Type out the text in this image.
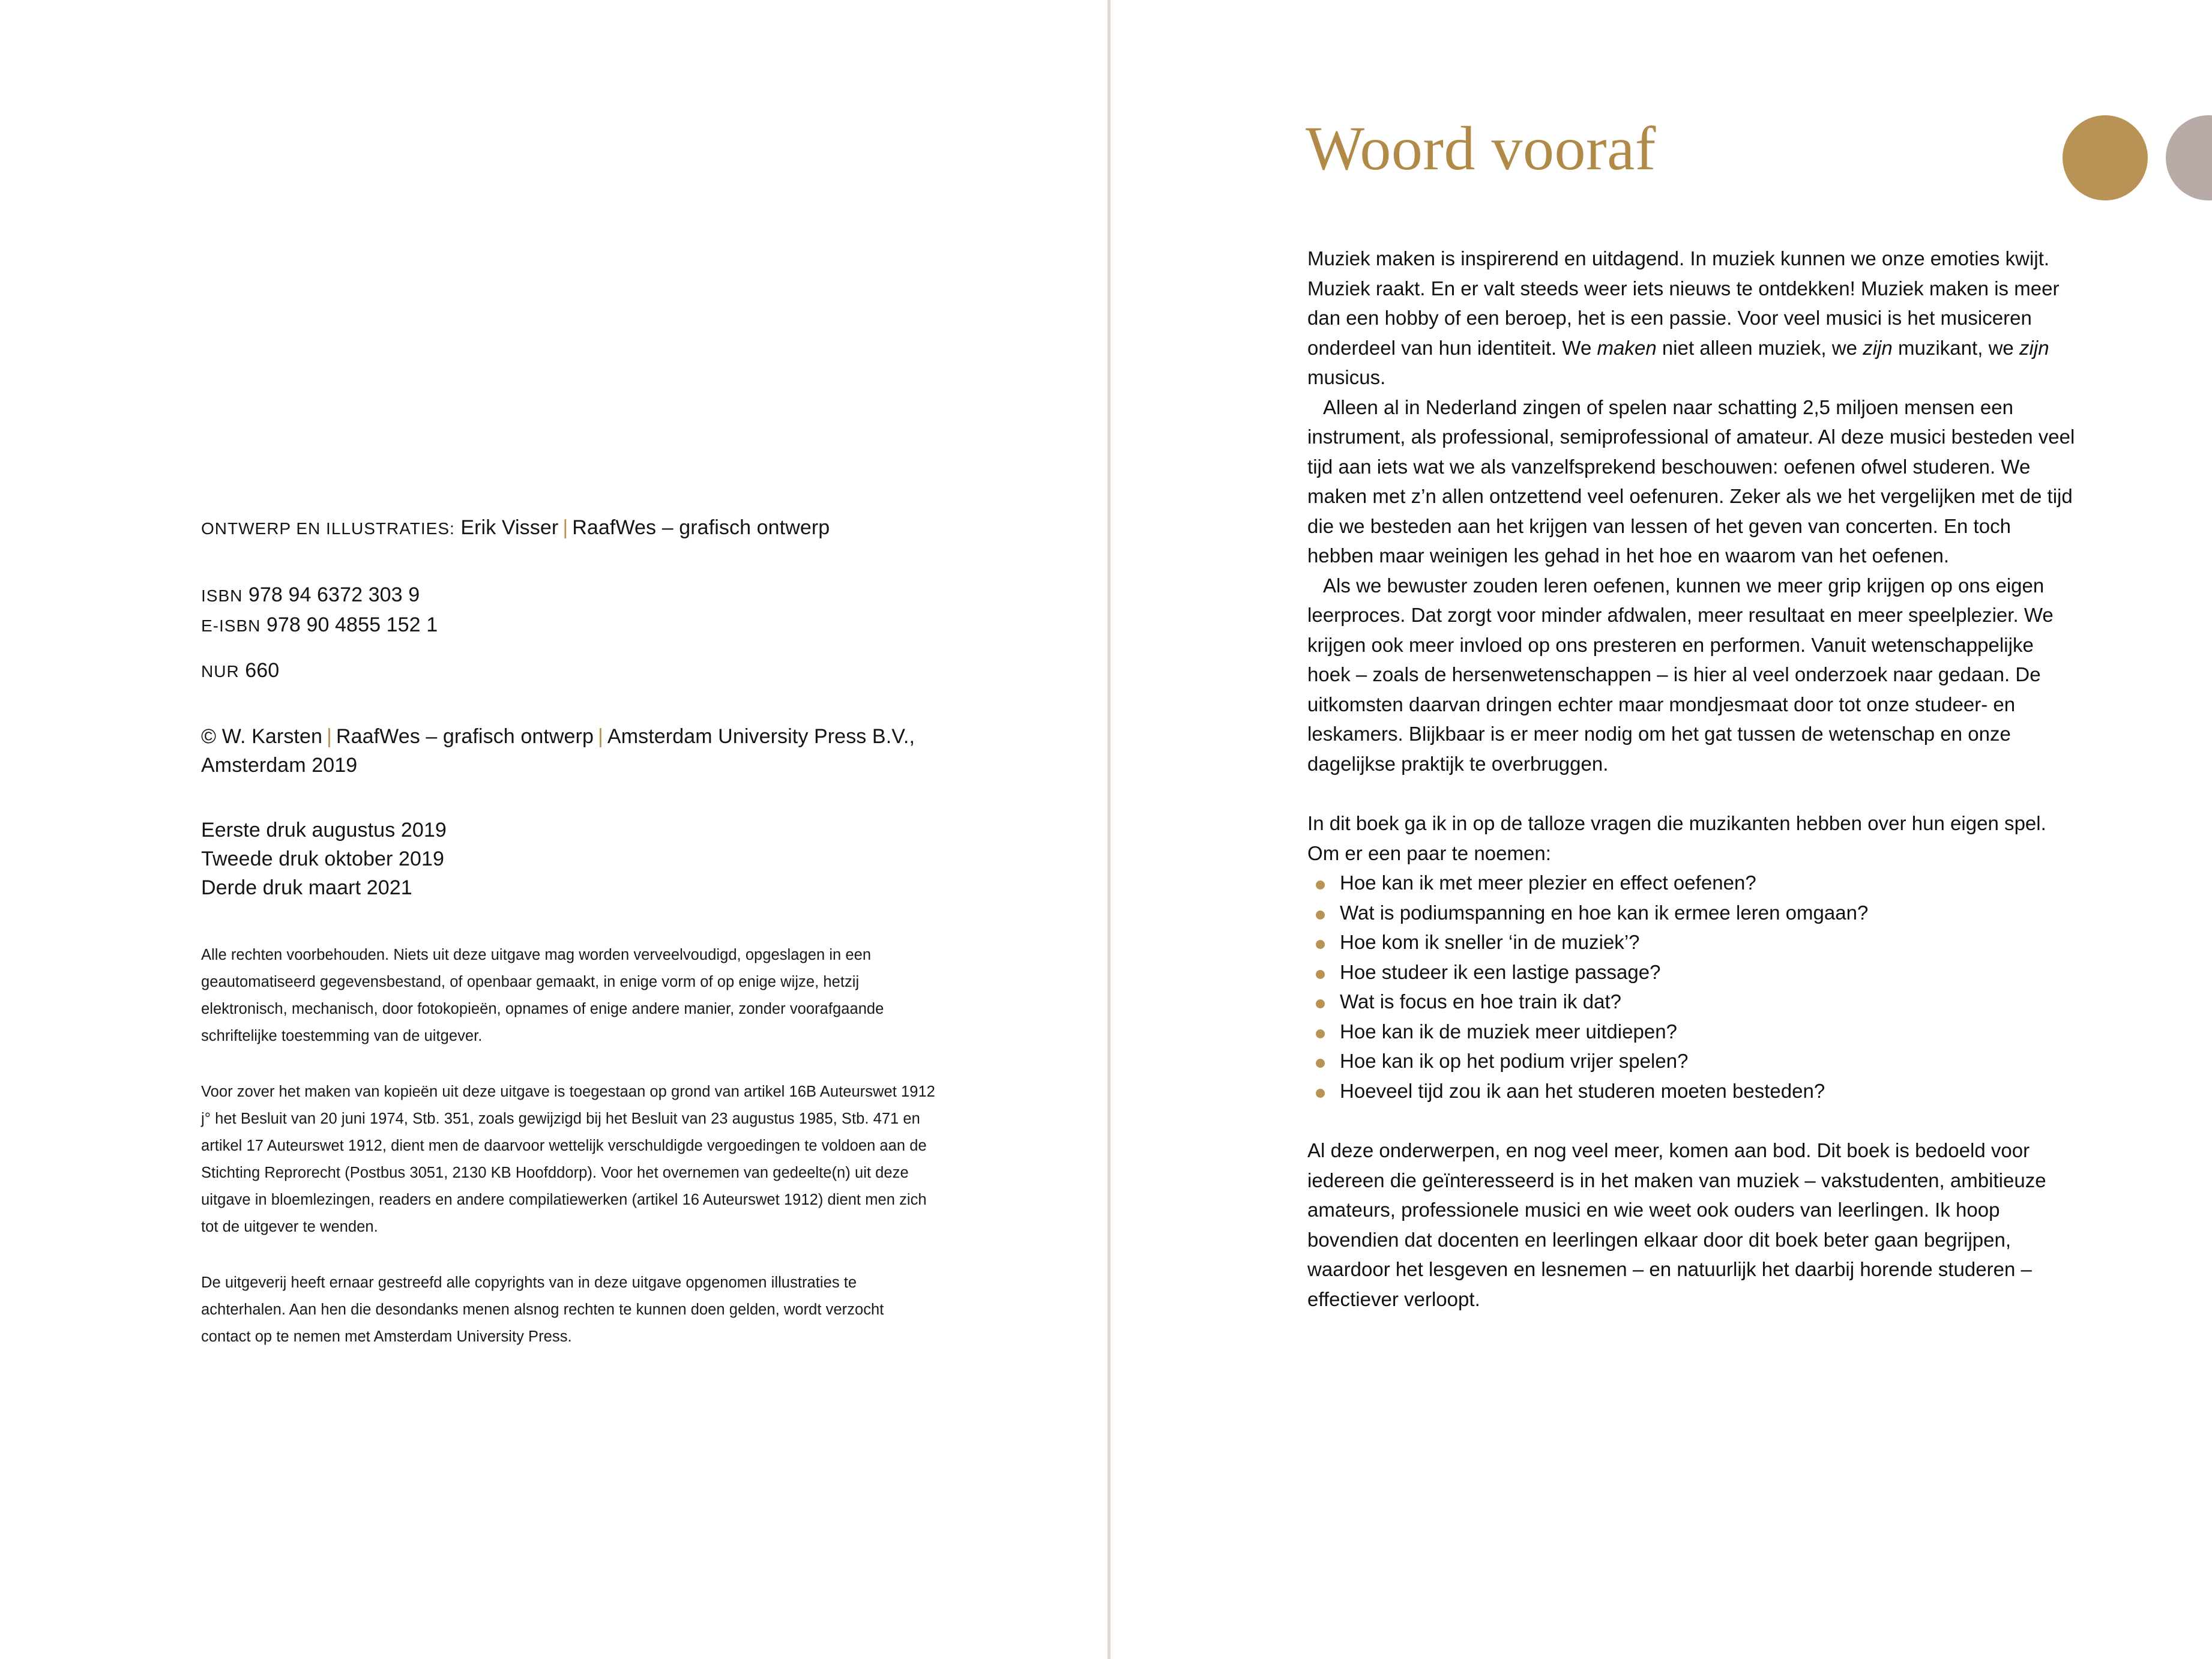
ONTWERP EN ILLUSTRATIES: Erik Visser | RaafWes – grafisch ontwerp
ISBN 978 94 6372 303 9
E-ISBN 978 90 4855 152 1
NUR 660
© W. Karsten | RaafWes – grafisch ontwerp | Amsterdam University Press B.V.,
Amsterdam 2019
Eerste druk augustus 2019
Tweede druk oktober 2019
Derde druk maart 2021

Alle rechten voorbehouden. Niets uit deze uitgave mag worden verveelvoudigd, opgeslagen in een geautomatiseerd gegevensbestand, of openbaar gemaakt, in enige vorm of op enige wijze, hetzij elektronisch, mechanisch, door fotokopieën, opnames of enige andere manier, zonder voorafgaande schriftelijke toestemming van de uitgever.

Voor zover het maken van kopieën uit deze uitgave is toegestaan op grond van artikel 16B Auteurswet 1912 j° het Besluit van 20 juni 1974, Stb. 351, zoals gewijzigd bij het Besluit van 23 augustus 1985, Stb. 471 en artikel 17 Auteurswet 1912, dient men de daarvoor wettelijk verschuldigde vergoedingen te voldoen aan de Stichting Reprorecht (Postbus 3051, 2130 KB Hoofddorp). Voor het overnemen van gedeelte(n) uit deze uitgave in bloemlezingen, readers en andere compilatiewerken (artikel 16 Auteurswet 1912) dient men zich tot de uitgever te wenden.

De uitgeverij heeft ernaar gestreefd alle copyrights van in deze uitgave opgenomen illustraties te achterhalen. Aan hen die desondanks menen alsnog rechten te kunnen doen gelden, wordt verzocht contact op te nemen met Amsterdam University Press.

Woord vooraf

Muziek maken is inspirerend en uitdagend. In muziek kunnen we onze emoties kwijt. Muziek raakt. En er valt steeds weer iets nieuws te ontdekken! Muziek maken is meer dan een hobby of een beroep, het is een passie. Voor veel musici is het musiceren onderdeel van hun identiteit. We maken niet alleen muziek, we zijn muzikant, we zijn musicus.

Alleen al in Nederland zingen of spelen naar schatting 2,5 miljoen mensen een instrument, als professional, semiprofessional of amateur. Al deze musici besteden veel tijd aan iets wat we als vanzelfsprekend beschouwen: oefenen ofwel studeren. We maken met z’n allen ontzettend veel oefenuren. Zeker als we het vergelijken met de tijd die we besteden aan het krijgen van lessen of het geven van concerten. En toch hebben maar weinigen les gehad in het hoe en waarom van het oefenen.

Als we bewuster zouden leren oefenen, kunnen we meer grip krijgen op ons eigen leerproces. Dat zorgt voor minder afdwalen, meer resultaat en meer speelplezier. We krijgen ook meer invloed op ons presteren en performen. Vanuit wetenschappelijke hoek – zoals de hersenwetenschappen – is hier al veel onderzoek naar gedaan. De uitkomsten daarvan dringen echter maar mondjesmaat door tot onze studeer- en leskamers. Blijkbaar is er meer nodig om het gat tussen de wetenschap en onze dagelijkse praktijk te overbruggen.

In dit boek ga ik in op de talloze vragen die muzikanten hebben over hun eigen spel. Om er een paar te noemen:

Hoe kan ik met meer plezier en effect oefenen?
Wat is podiumspanning en hoe kan ik ermee leren omgaan?
Hoe kom ik sneller ‘in de muziek’?
Hoe studeer ik een lastige passage?
Wat is focus en hoe train ik dat?
Hoe kan ik de muziek meer uitdiepen?
Hoe kan ik op het podium vrijer spelen?
Hoeveel tijd zou ik aan het studeren moeten besteden?

Al deze onderwerpen, en nog veel meer, komen aan bod. Dit boek is bedoeld voor iedereen die geïnteresseerd is in het maken van muziek – vakstudenten, ambitieuze amateurs, professionele musici en wie weet ook ouders van leerlingen. Ik hoop bovendien dat docenten en leerlingen elkaar door dit boek beter gaan begrijpen, waardoor het lesgeven en lesnemen – en natuurlijk het daarbij horende studeren – effectiever verloopt.
